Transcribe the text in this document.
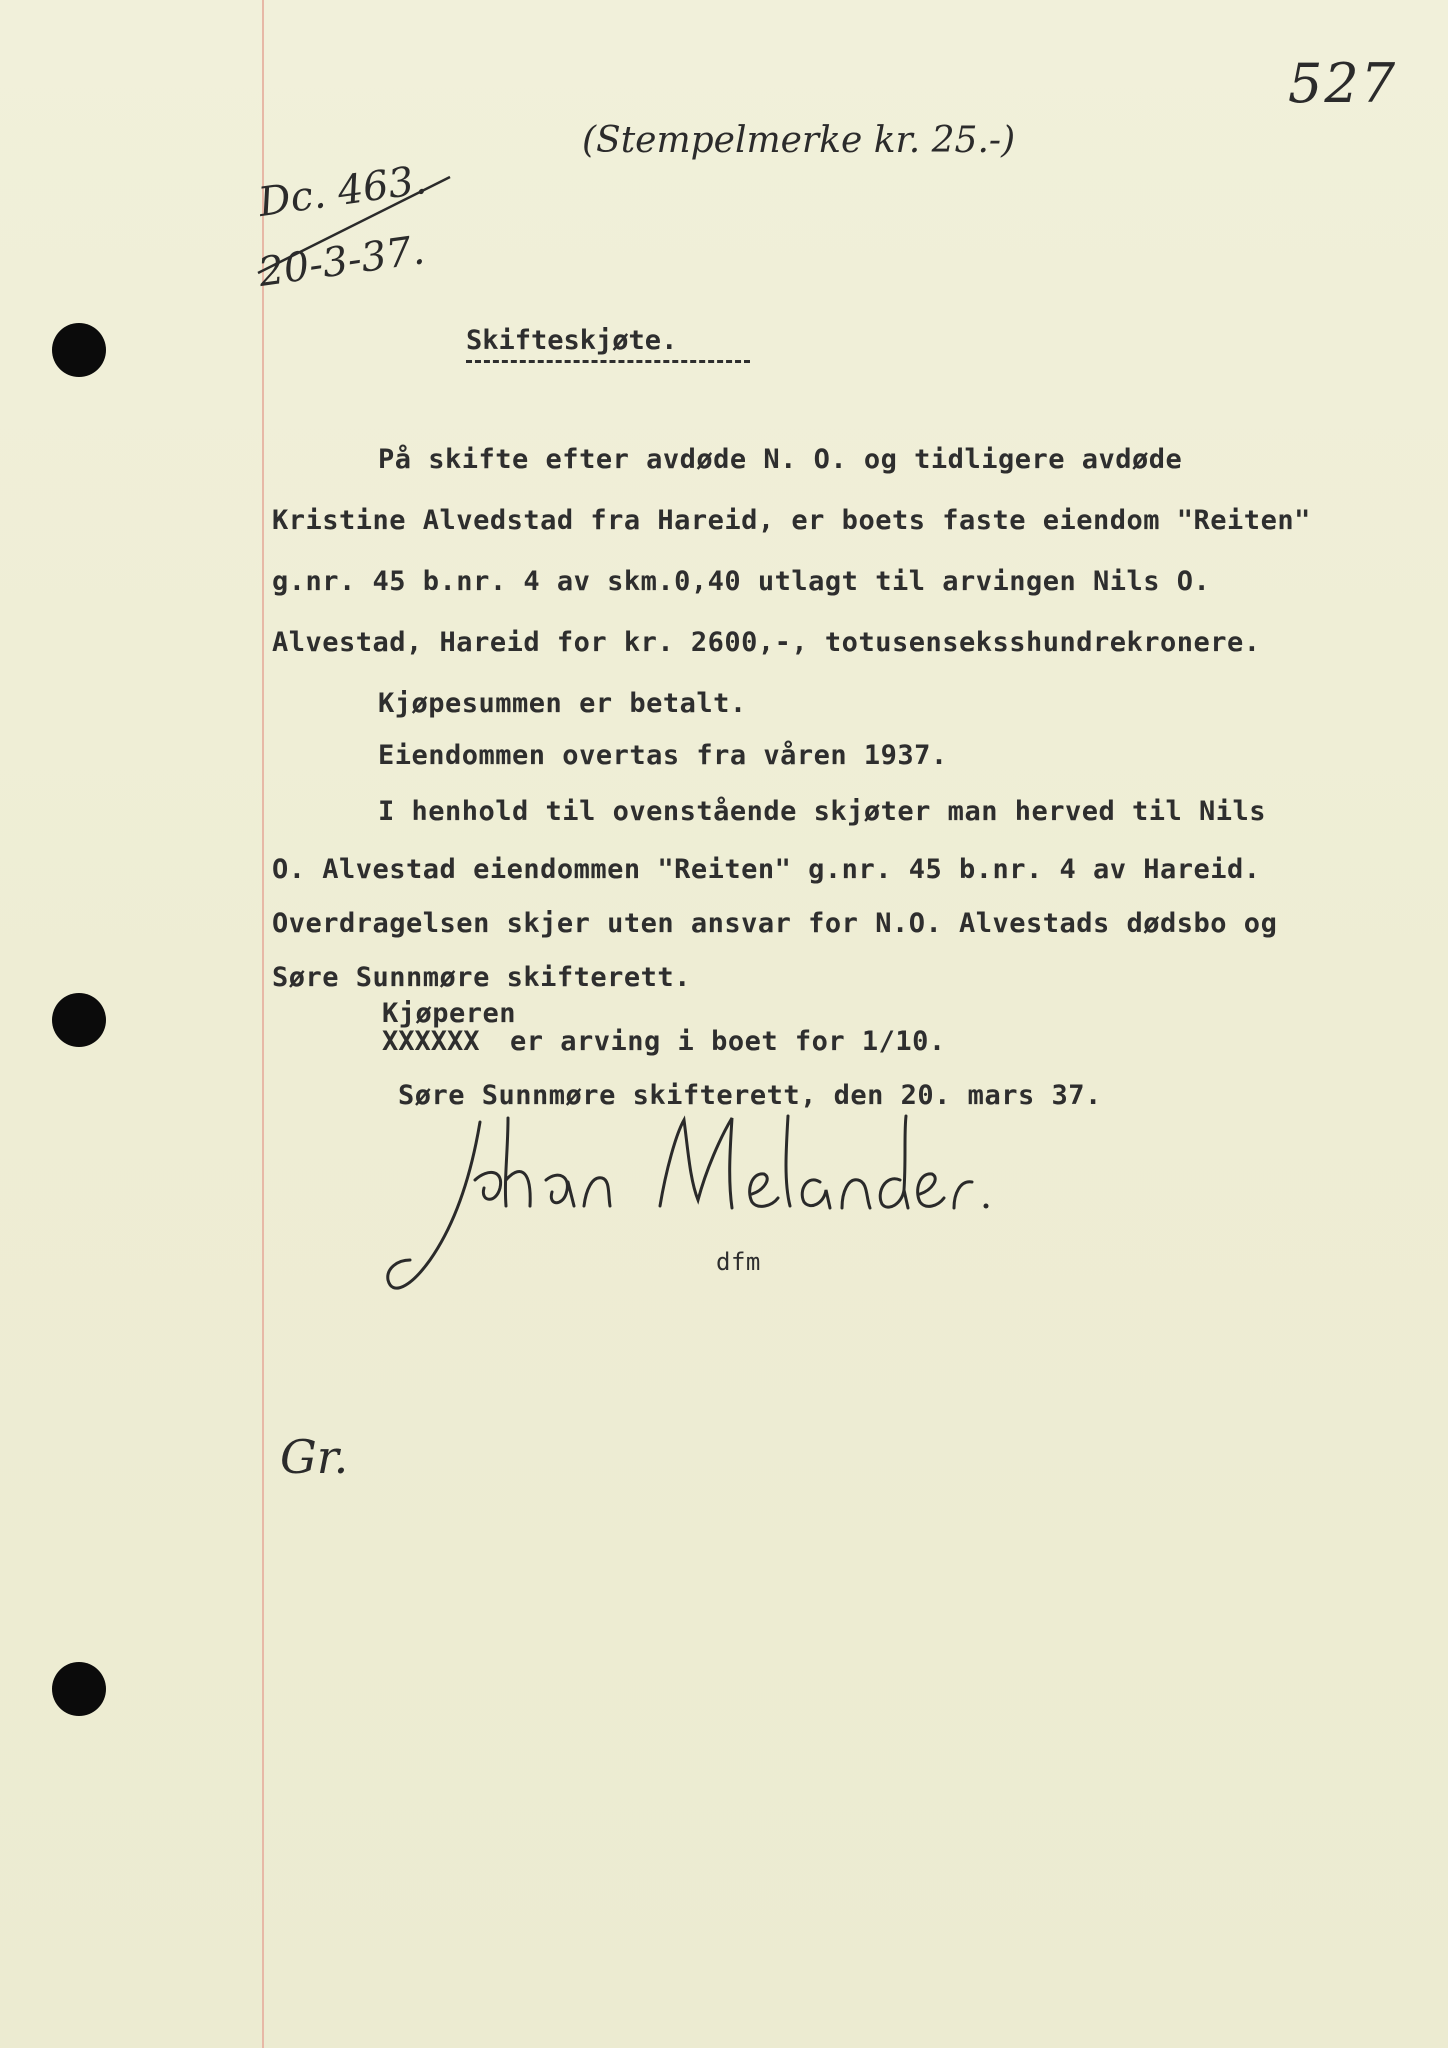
527
(Stempelmerke kr. 25.-)
Dc. 463.
20-3-37.
Skifteskjøte.
På skifte efter avdøde N. O. og tidligere avdøde
Kristine Alvedstad fra Hareid, er boets faste eiendom "Reiten"
g.nr. 45 b.nr. 4 av skm.0,40 utlagt til arvingen Nils O.
Alvestad, Hareid for kr. 2600,-, totusenseksshundrekronere.
Kjøpesummen er betalt.
Eiendommen overtas fra våren 1937.
I henhold til ovenstående skjøter man herved til Nils
O. Alvestad eiendommen "Reiten" g.nr. 45 b.nr. 4 av Hareid.
Overdragelsen skjer uten ansvar for N.O. Alvestads dødsbo og
Søre Sunnmøre skifterett.
Kjøperen
XXXXXX er arving i boet for 1/10.
Søre Sunnmøre skifterett, den 20. mars 37.
dfm
Gr.
